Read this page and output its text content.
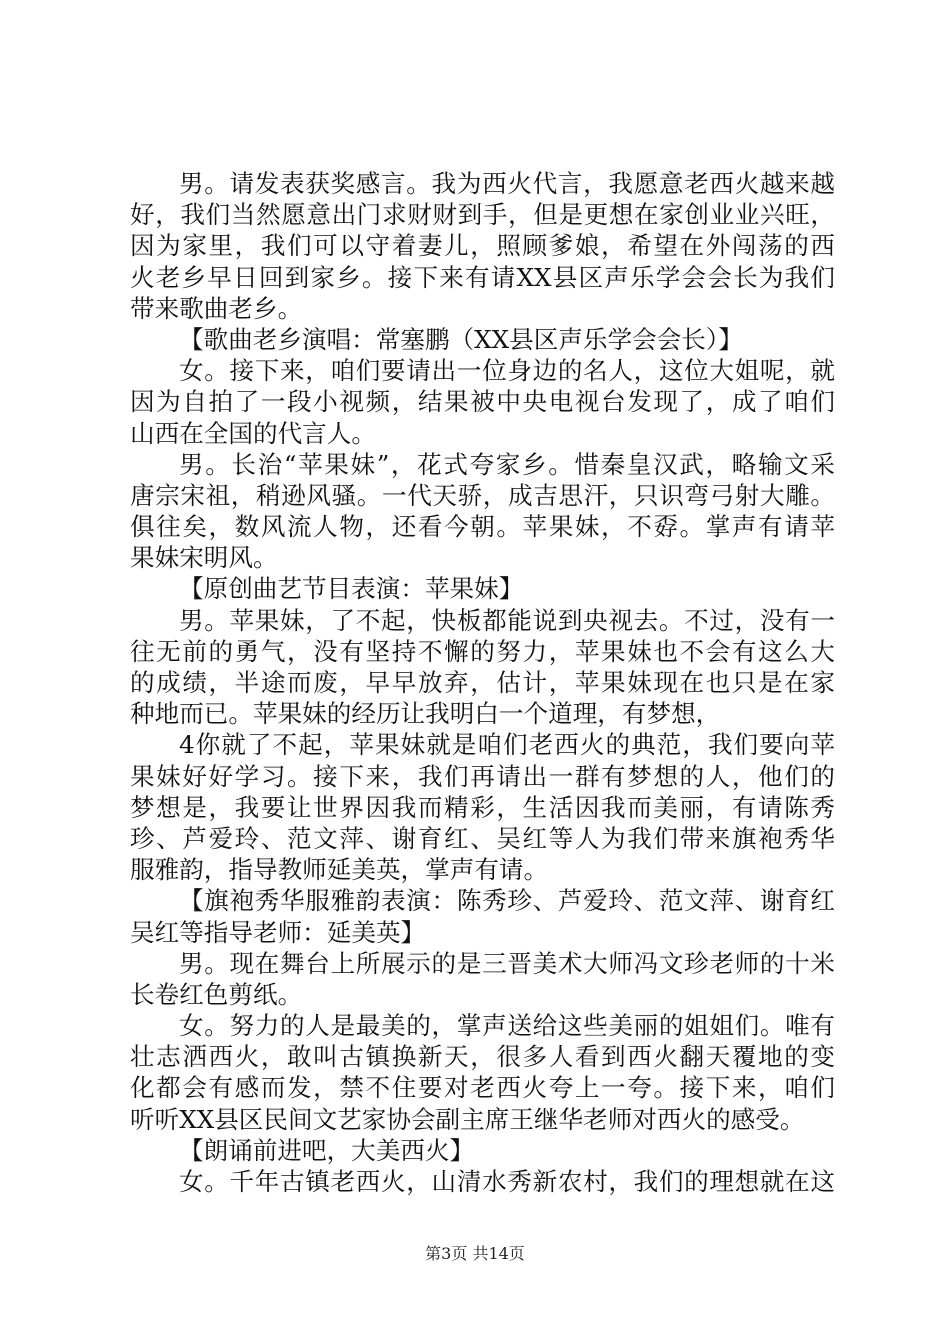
男。请发表获奖感言。我为西火代言，我愿意老西火越来越
好，我们当然愿意出门求财财到手，但是更想在家创业业兴旺，
因为家里，我们可以守着妻儿，照顾爹娘，希望在外闯荡的西
火老乡早日回到家乡。接下来有请XX县区声乐学会会长为我们
带来歌曲老乡。
【歌曲老乡演唱：常塞鹏（XX县区声乐学会会长）】
女。接下来，咱们要请出一位身边的名人，这位大姐呢，就
因为自拍了一段小视频，结果被中央电视台发现了，成了咱们
山西在全国的代言人。
男。长治“苹果妹”，花式夸家乡。惜秦皇汉武，略输文采
唐宗宋祖，稍逊风骚。一代天骄，成吉思汗，只识弯弓射大雕。
俱往矣，数风流人物，还看今朝。苹果妹，不孬。掌声有请苹
果妹宋明风。
【原创曲艺节目表演：苹果妹】
男。苹果妹，了不起，快板都能说到央视去。不过，没有一
往无前的勇气，没有坚持不懈的努力，苹果妹也不会有这么大
的成绩，半途而废，早早放弃，估计，苹果妹现在也只是在家
种地而已。苹果妹的经历让我明白一个道理，有梦想，
4你就了不起，苹果妹就是咱们老西火的典范，我们要向苹
果妹好好学习。接下来，我们再请出一群有梦想的人，他们的
梦想是，我要让世界因我而精彩，生活因我而美丽，有请陈秀
珍、芦爱玲、范文萍、谢育红、吴红等人为我们带来旗袍秀华
服雅韵，指导教师延美英，掌声有请。
【旗袍秀华服雅韵表演：陈秀珍、芦爱玲、范文萍、谢育红
吴红等指导老师：延美英】
男。现在舞台上所展示的是三晋美术大师冯文珍老师的十米
长卷红色剪纸。
女。努力的人是最美的，掌声送给这些美丽的姐姐们。唯有
壮志洒西火，敢叫古镇换新天，很多人看到西火翻天覆地的变
化都会有感而发，禁不住要对老西火夸上一夸。接下来，咱们
听听XX县区民间文艺家协会副主席王继华老师对西火的感受。
【朗诵前进吧，大美西火】
女。千年古镇老西火，山清水秀新农村，我们的理想就在这
第3页 共14页
